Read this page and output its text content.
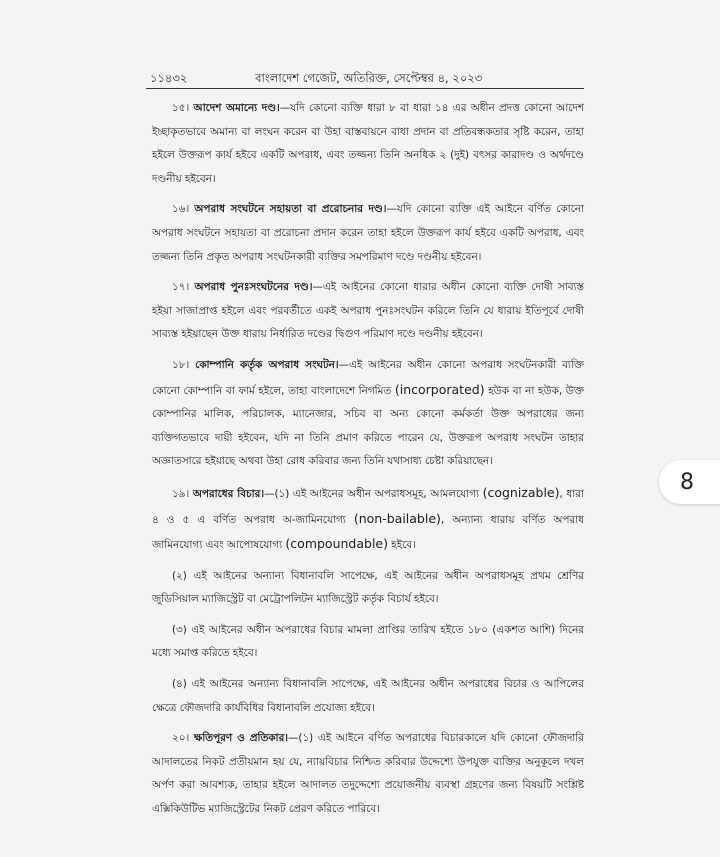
১১৪৩২	বাংলাদেশ গেজেট, অতিরিক্ত, সেপ্টেম্বর ৪, ২০২৩

১৫। আদেশ অমান্যে দণ্ড।—যদি কোনো ব্যক্তি ধারা ৮ বা ধারা ১৪ এর অধীন প্রদত্ত কোনো আদেশ ইচ্ছাকৃতভাবে অমান্য বা লংঘন করেন বা উহা বাস্তবায়নে বাধা প্রদান বা প্রতিবন্ধকতার সৃষ্টি করেন, তাহা হইলে উক্তরূপ কার্য হইবে একটি অপরাধ, এবং তজ্জন্য তিনি অনধিক ২ (দুই) বৎসর কারাদণ্ড ও অর্থদণ্ডে দণ্ডনীয় হইবেন।

১৬। অপরাধ সংঘটনে সহায়তা বা প্ররোচনার দণ্ড।—যদি কোনো ব্যক্তি এই আইনে বর্ণিত কোনো অপরাধ সংঘটনে সহায়তা বা প্ররোচনা প্রদান করেন তাহা হইলে উক্তরূপ কার্য হইবে একটি অপরাধ, এবং তজ্জন্য তিনি প্রকৃত অপরাধ সংঘটনকারী ব্যক্তির সমপরিমাণ দণ্ডে দণ্ডনীয় হইবেন।

১৭। অপরাধ পুনঃসংঘটনের দণ্ড।—এই আইনের কোনো ধারার অধীন কোনো ব্যক্তি দোষী সাব্যস্ত হইয়া সাজাপ্রাপ্ত হইলে এবং পরবর্তীতে একই অপরাধ পুনঃসংঘটন করিলে তিনি যে ধারায় ইতিপূর্বে দোষী সাব্যস্ত হইয়াছেন উক্ত ধারায় নির্ধারিত দণ্ডের দ্বিগুণ পরিমাণ দণ্ডে দণ্ডনীয় হইবেন।

১৮। কোম্পানি কর্তৃক অপরাধ সংঘটন।—এই আইনের অধীন কোনো অপরাধ সংঘটনকারী ব্যক্তি কোনো কোম্পানি বা ফার্ম হইলে, তাহা বাংলাদেশে নিগমিত (incorporated) হউক বা না হউক, উক্ত কোম্পানির মালিক, পরিচালক, ম্যানেজার, সচিব বা অন্য কোনো কর্মকর্তা উক্ত অপরাধের জন্য ব্যক্তিগতভাবে দায়ী হইবেন, যদি না তিনি প্রমাণ করিতে পারেন যে, উক্তরূপ অপরাধ সংঘটন তাহার অজ্ঞাতসারে হইয়াছে অথবা উহা রোধ করিবার জন্য তিনি যথাসাধ্য চেষ্টা করিয়াছেন।

১৯। অপরাধের বিচার।—(১) এই আইনের অধীন অপরাধসমূহ, আমলযোগ্য (cognizable), ধারা ৪ ও ৫ এ বর্ণিত অপরাধ অ-জামিনযোগ্য (non-bailable), অন্যান্য ধারায় বর্ণিত অপরাধ জামিনযোগ্য এবং আপোষযোগ্য (compoundable) হইবে।

(২) এই আইনের অন্যান্য বিধানাবলি সাপেক্ষে, এই আইনের অধীন অপরাধসমূহ প্রথম শ্রেণির জুডিসিয়াল ম্যাজিস্ট্রেট বা মেট্রোপলিটন ম্যাজিস্ট্রেট কর্তৃক বিচার্য হইবে।

(৩) এই আইনের অধীন অপরাধের বিচার মামলা প্রাপ্তির তারিখ হইতে ১৮০ (একশত আশি) দিনের মধ্যে সমাপ্ত করিতে হইবে।

(৪) এই আইনের অন্যান্য বিধানাবলি সাপেক্ষে, এই আইনের অধীন অপরাধের বিচার ও আপিলের ক্ষেত্রে ফৌজদারি কার্যবিধির বিধানাবলি প্রযোজ্য হইবে।

২০। ক্ষতিপূরণ ও প্রতিকার।—(১) এই আইনে বর্ণিত অপরাধের বিচারকালে যদি কোনো ফৌজদারি আদালতের নিকট প্রতীয়মান হয় যে, ন্যায়বিচার নিশ্চিত করিবার উদ্দেশ্যে উপযুক্ত ব্যক্তির অনুকূলে দখল অর্পণ করা আবশ্যক, তাহার হইলে আদালত তদুদ্দেশ্যে প্রয়োজনীয় ব্যবস্থা গ্রহণের জন্য বিষয়টি সংশ্লিষ্ট এক্সিকিউটিভ ম্যাজিস্ট্রেটের নিকট প্রেরণ করিতে পারিবে।

8
